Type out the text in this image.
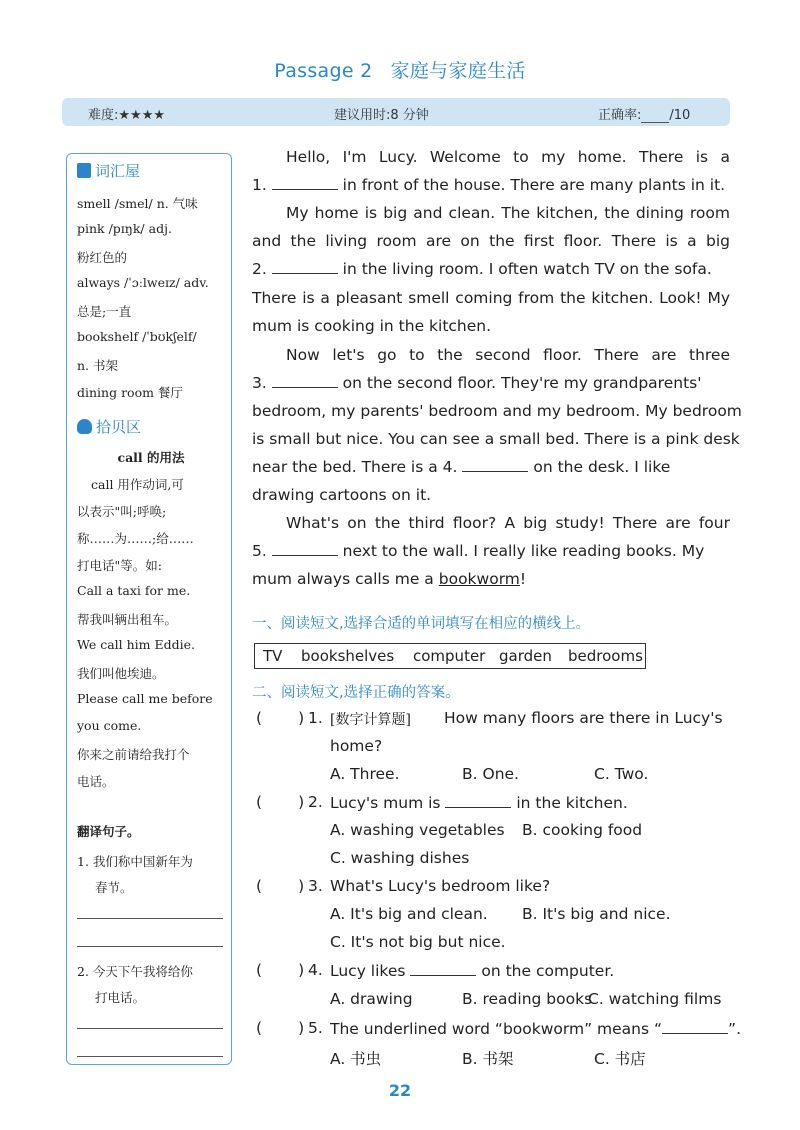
Passage 2 家庭与家庭生活
难度:★★★★	建议用时:8 分钟	正确率: /10
词汇屋
smell /smel/ n. 气味
pink /pɪŋk/ adj.
粉红色的
always /ˈɔːlweɪz/ adv.
总是;一直
bookshelf /ˈbʊkʃelf/
n. 书架
dining room 餐厅
拾贝区
call 的用法
call 用作动词,可
以表示"叫;呼唤;
称……为……;给……
打电话"等。如:
Call a taxi for me.
帮我叫辆出租车。
We call him Eddie.
我们叫他埃迪。
Please call me before
you come.
你来之前请给我打个
电话。
翻译句子。
1. 我们称中国新年为
春节。
2. 今天下午我将给你
打电话。
Hello, I'm Lucy. Welcome to my home. There is a
1.	in front of the house. There are many plants in it.
My home is big and clean. The kitchen, the dining room
and the living room are on the first floor. There is a big
2.	in the living room. I often watch TV on the sofa.
There is a pleasant smell coming from the kitchen. Look! My
mum is cooking in the kitchen.
Now let's go to the second floor. There are three
3.	on the second floor. They're my grandparents'
bedroom, my parents' bedroom and my bedroom. My bedroom
is small but nice. You can see a small bed. There is a pink desk
near the bed. There is a 4.	on the desk. I like
drawing cartoons on it.
What's on the third floor? A big study! There are four
5.	next to the wall. I really like reading books. My
mum always calls me a bookworm!
一、阅读短文,选择合适的单词填写在相应的横线上。
TV bookshelves computer garden bedrooms
二、阅读短文,选择正确的答案。
( ) 1. [数字计算题] How many floors are there in Lucy's
home?
A. Three.	B. One.	C. Two.
( ) 2. Lucy's mum is	in the kitchen.
A. washing vegetables B. cooking food
C. washing dishes
( ) 3. What's Lucy's bedroom like?
A. It's big and clean. B. It's big and nice.
C. It's not big but nice.
( ) 4. Lucy likes	on the computer.
A. drawing	B. reading books
C. watching films
( ) 5. The underlined word “bookworm” means “	”.
A. 书虫	B. 书架	C. 书店
22
